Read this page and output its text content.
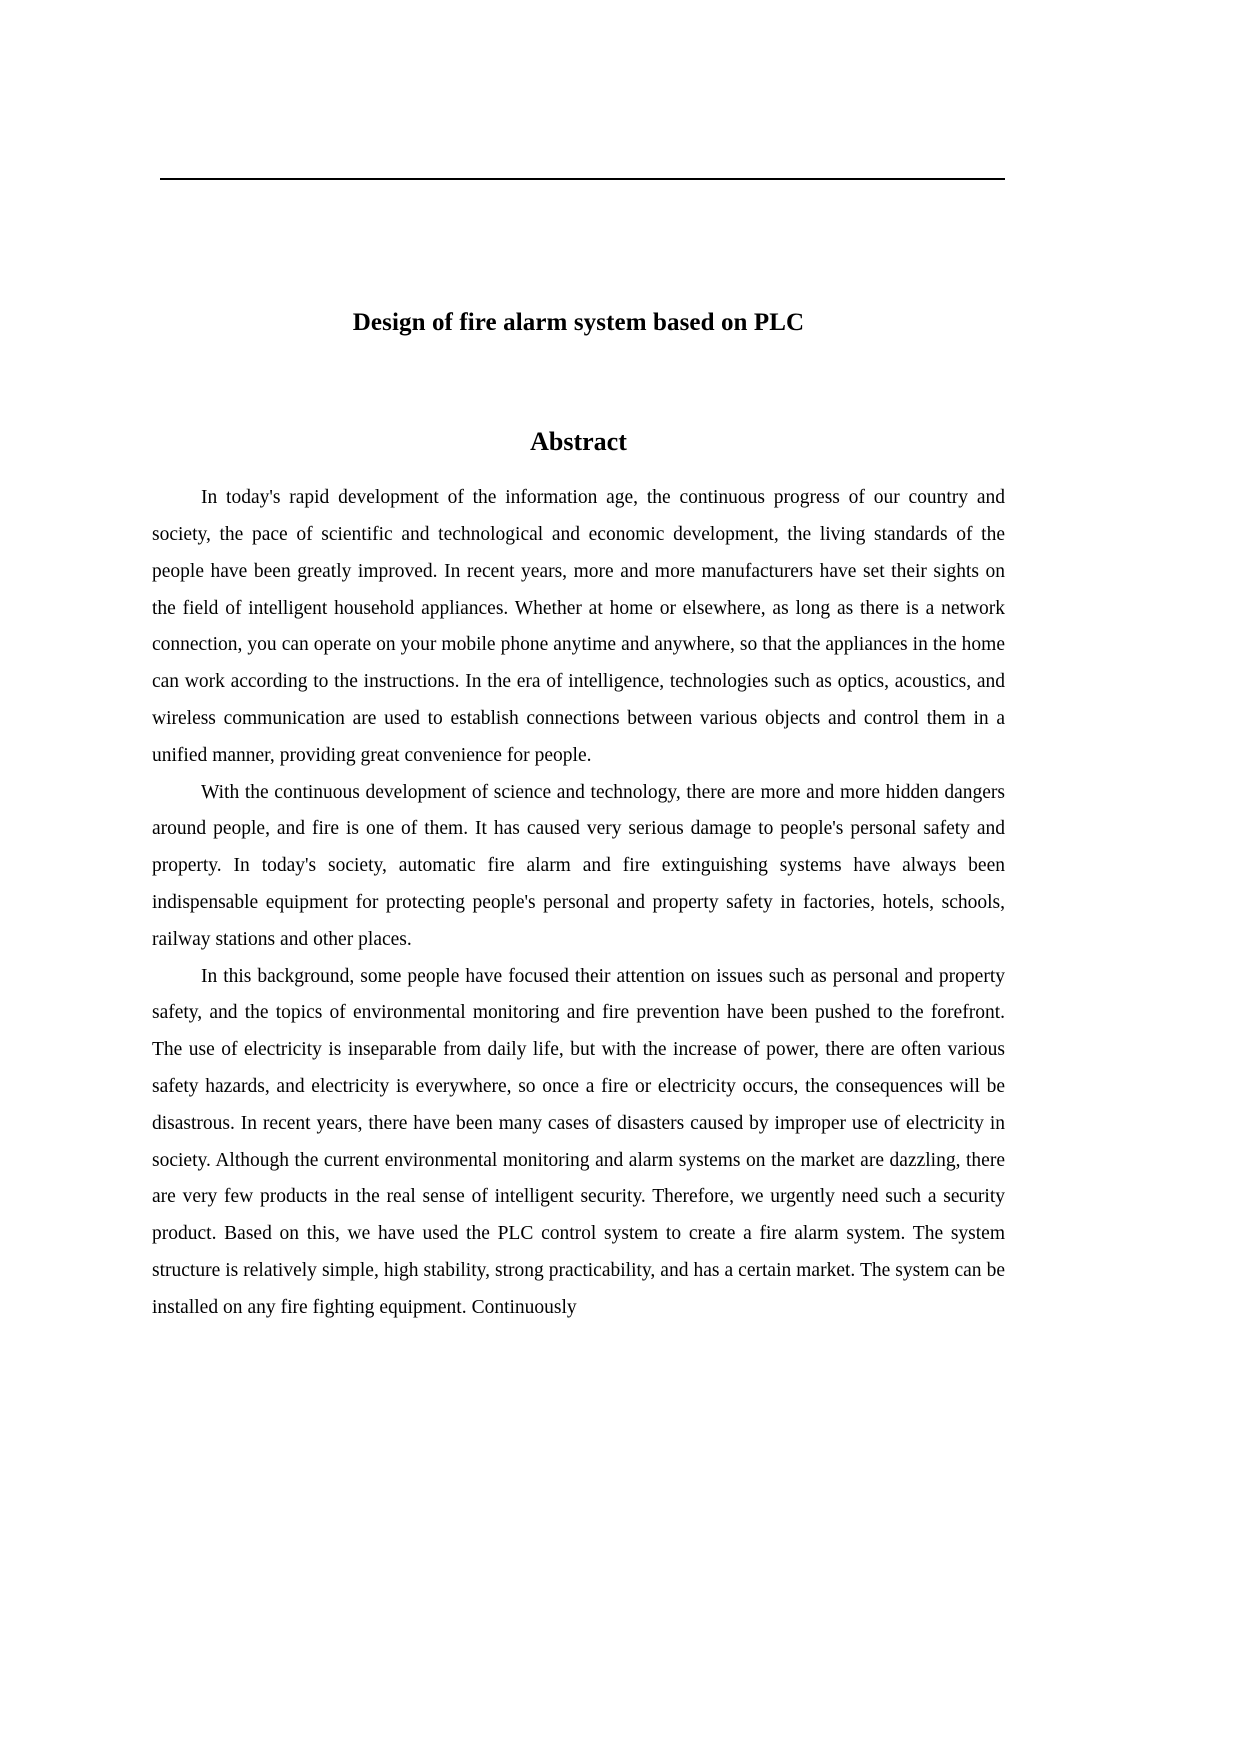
Design of fire alarm system based on PLC
Abstract

In today's rapid development of the information age, the continuous progress of our country and society, the pace of scientific and technological and economic development, the living standards of the people have been greatly improved. In recent years, more and more manufacturers have set their sights on the field of intelligent household appliances. Whether at home or elsewhere, as long as there is a network connection, you can operate on your mobile phone anytime and anywhere, so that the appliances in the home can work according to the instructions. In the era of intelligence, technologies such as optics, acoustics, and wireless communication are used to establish connections between various objects and control them in a unified manner, providing great convenience for people.

With the continuous development of science and technology, there are more and more hidden dangers around people, and fire is one of them. It has caused very serious damage to people's personal safety and property. In today's society, automatic fire alarm and fire extinguishing systems have always been indispensable equipment for protecting people's personal and property safety in factories, hotels, schools, railway stations and other places.

In this background, some people have focused their attention on issues such as personal and property safety, and the topics of environmental monitoring and fire prevention have been pushed to the forefront. The use of electricity is inseparable from daily life, but with the increase of power, there are often various safety hazards, and electricity is everywhere, so once a fire or electricity occurs, the consequences will be disastrous. In recent years, there have been many cases of disasters caused by improper use of electricity in society. Although the current environmental monitoring and alarm systems on the market are dazzling, there are very few products in the real sense of intelligent security. Therefore, we urgently need such a security product. Based on this, we have used the PLC control system to create a fire alarm system. The system structure is relatively simple, high stability, strong practicability, and has a certain market. The system can be installed on any fire fighting equipment. Continuously
